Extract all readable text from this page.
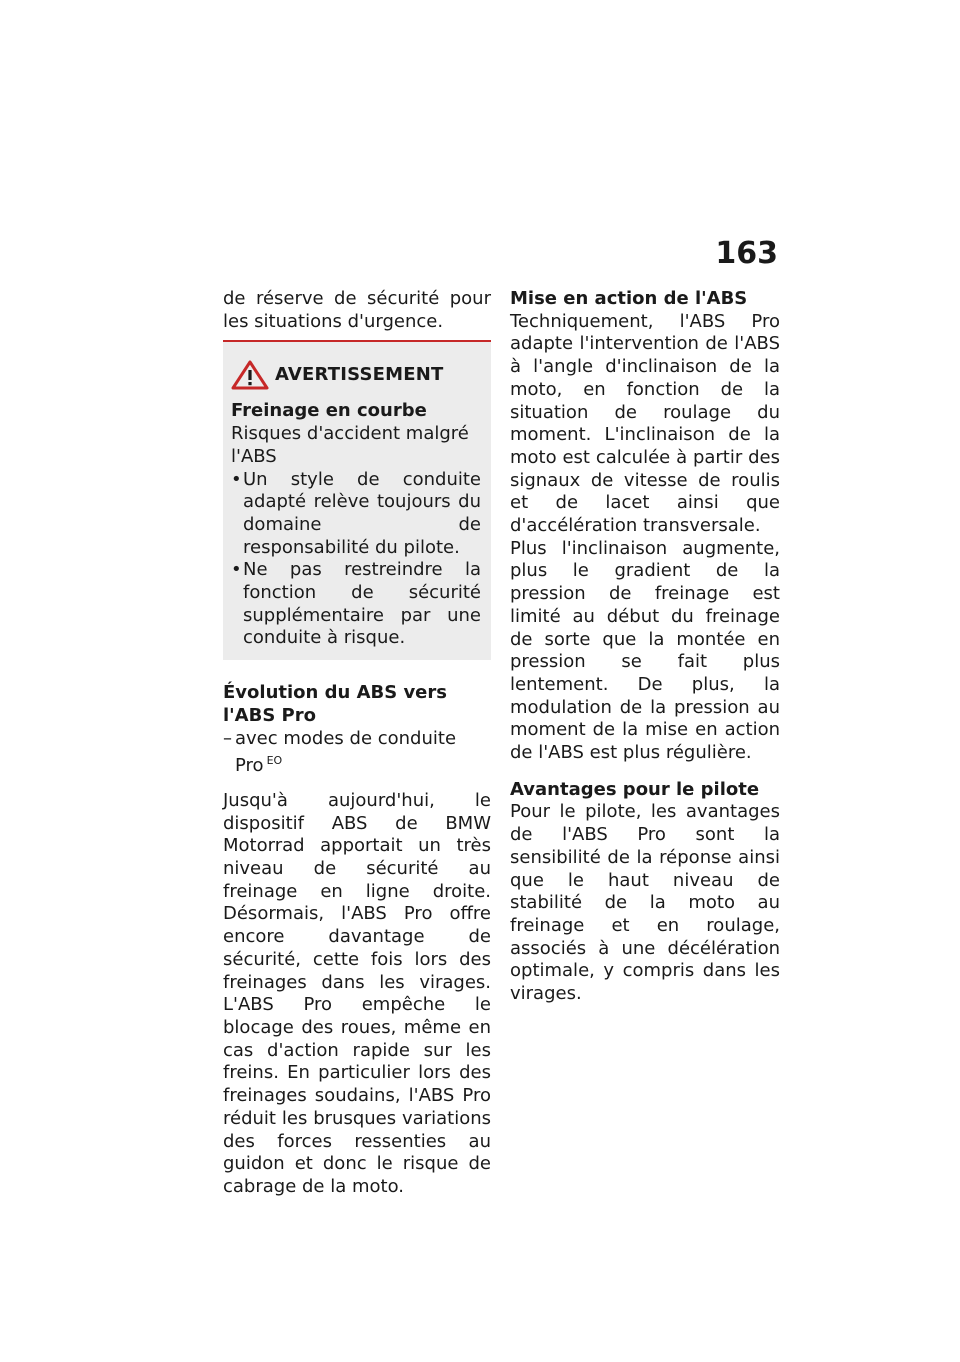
163

de réserve de sécurité pour les situations d'urgence.

AVERTISSEMENT

Freinage en courbe

Risques d'accident malgré l'ABS

• Un style de conduite adapté relève toujours du domaine de responsabilité du pilote.
• Ne pas restreindre la fonction de sécurité supplémentaire par une conduite à risque.

Évolution du ABS vers l'ABS Pro

– avec modes de conduite Pro $^{EO}$

Jusqu'à aujourd'hui, le dispositif ABS de BMW Motorrad apportait un très niveau de sécurité au freinage en ligne droite. Désormais, l'ABS Pro offre encore davantage de sécurité, cette fois lors des freinages dans les virages. L'ABS Pro empêche le blocage des roues, même en cas d'action rapide sur les freins. En particulier lors des freinages soudains, l'ABS Pro réduit les brusques variations des forces ressenties au guidon et donc le risque de cabrage de la moto.

Mise en action de l'ABS

Techniquement, l'ABS Pro adapte l'intervention de l'ABS à l'angle d'inclinaison de la moto, en fonction de la situation de roulage du moment. L'inclinaison de la moto est calculée à partir des signaux de vitesse de roulis et de lacet ainsi que d'accélération transversale.

Plus l'inclinaison augmente, plus le gradient de la pression de freinage est limité au début du freinage de sorte que la montée en pression se fait plus lentement. De plus, la modulation de la pression au moment de la mise en action de l'ABS est plus régulière.

Avantages pour le pilote

Pour le pilote, les avantages de l'ABS Pro sont la sensibilité de la réponse ainsi que le haut niveau de stabilité de la moto au freinage et en roulage, associés à une décélération optimale, y compris dans les virages.
